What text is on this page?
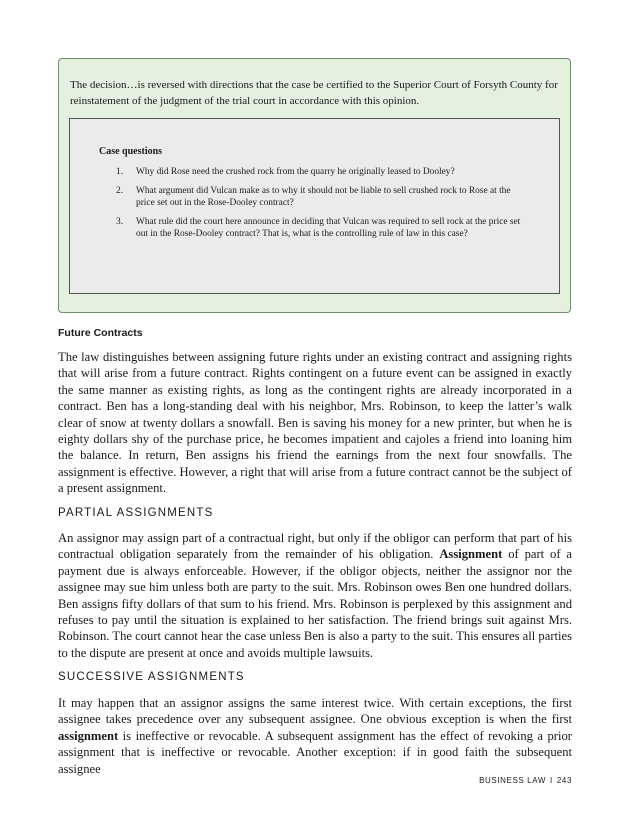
The decision…is reversed with directions that the case be certified to the Superior Court of Forsyth County for reinstatement of the judgment of the trial court in accordance with this opinion.

Case questions

1.	Why did Rose need the crushed rock from the quarry he originally leased to Dooley?
2.	What argument did Vulcan make as to why it should not be liable to sell crushed rock to Rose at the price set out in the Rose-Dooley contract?
3.	What rule did the court here announce in deciding that Vulcan was required to sell rock at the price set out in the Rose-Dooley contract? That is, what is the controlling rule of law in this case?

Future Contracts

The law distinguishes between assigning future rights under an existing contract and assigning rights that will arise from a future contract. Rights contingent on a future event can be assigned in exactly the same manner as existing rights, as long as the contingent rights are already incorporated in a contract. Ben has a long-standing deal with his neighbor, Mrs. Robinson, to keep the latter’s walk clear of snow at twenty dollars a snowfall. Ben is saving his money for a new printer, but when he is eighty dollars shy of the purchase price, he becomes impatient and cajoles a friend into loaning him the balance. In return, Ben assigns his friend the earnings from the next four snowfalls. The assignment is effective. However, a right that will arise from a future contract cannot be the subject of a present assignment.

PARTIAL ASSIGNMENTS

An assignor may assign part of a contractual right, but only if the obligor can perform that part of his contractual obligation separately from the remainder of his obligation. Assignment of part of a payment due is always enforceable. However, if the obligor objects, neither the assignor nor the assignee may sue him unless both are party to the suit. Mrs. Robinson owes Ben one hundred dollars. Ben assigns fifty dollars of that sum to his friend. Mrs. Robinson is perplexed by this assignment and refuses to pay until the situation is explained to her satisfaction. The friend brings suit against Mrs. Robinson. The court cannot hear the case unless Ben is also a party to the suit. This ensures all parties to the dispute are present at once and avoids multiple lawsuits.

SUCCESSIVE ASSIGNMENTS

It may happen that an assignor assigns the same interest twice. With certain exceptions, the first assignee takes precedence over any subsequent assignee. One obvious exception is when the first assignment is ineffective or revocable. A subsequent assignment has the effect of revoking a prior assignment that is ineffective or revocable. Another exception: if in good faith the subsequent assignee

BUSINESS LAW I 243
